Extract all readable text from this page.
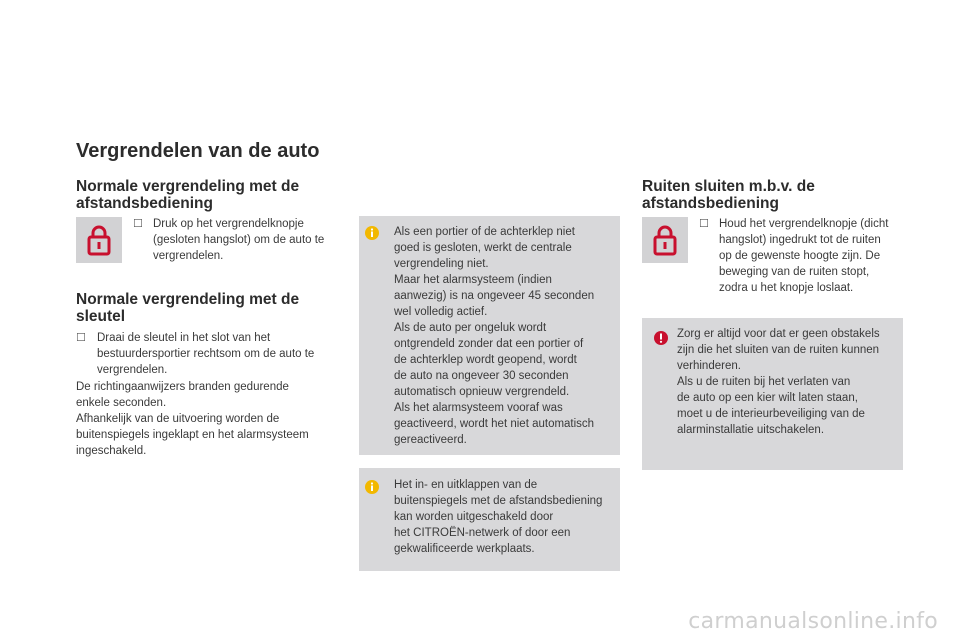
Vergrendelen van de auto
Normale vergrendeling met de
afstandsbediening
☐ Druk op het vergrendelknopje
(gesloten hangslot) om de auto te
vergrendelen.
Normale vergrendeling met de
sleutel
☐ Draai de sleutel in het slot van het
bestuurdersportier rechtsom om de auto te
vergrendelen.
De richtingaanwijzers branden gedurende
enkele seconden.
Afhankelijk van de uitvoering worden de
buitenspiegels ingeklapt en het alarmsysteem
ingeschakeld.
Als een portier of de achterklep niet
goed is gesloten, werkt de centrale
vergrendeling niet.
Maar het alarmsysteem (indien
aanwezig) is na ongeveer 45 seconden
wel volledig actief.
Als de auto per ongeluk wordt
ontgrendeld zonder dat een portier of
de achterklep wordt geopend, wordt
de auto na ongeveer 30 seconden
automatisch opnieuw vergrendeld.
Als het alarmsysteem vooraf was
geactiveerd, wordt het niet automatisch
gereactiveerd.
Het in- en uitklappen van de
buitenspiegels met de afstandsbediening
kan worden uitgeschakeld door
het CITROËN-netwerk of door een
gekwalificeerde werkplaats.
Ruiten sluiten m.b.v. de
afstandsbediening
☐ Houd het vergrendelknopje (dicht
hangslot) ingedrukt tot de ruiten
op de gewenste hoogte zijn. De
beweging van de ruiten stopt,
zodra u het knopje loslaat.
Zorg er altijd voor dat er geen obstakels
zijn die het sluiten van de ruiten kunnen
verhinderen.
Als u de ruiten bij het verlaten van
de auto op een kier wilt laten staan,
moet u de interieurbeveiliging van de
alarminstallatie uitschakelen.
carmanualsonline.info
